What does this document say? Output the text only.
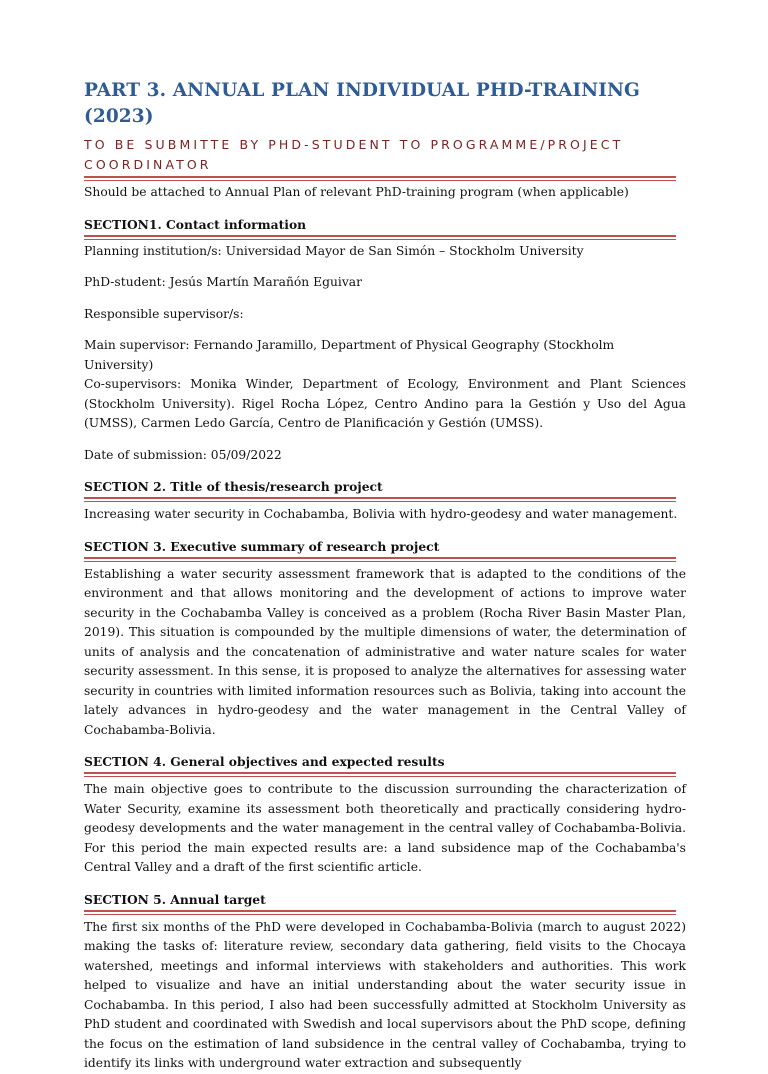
PART 3. ANNUAL PLAN INDIVIDUAL PHD-TRAINING (2023)
TO BE SUBMITTE BY PHD-STUDENT TO PROGRAMME/PROJECT COORDINATOR

Should be attached to Annual Plan of relevant PhD-training program (when applicable)

SECTION1. Contact information

Planning institution/s: Universidad Mayor de San Simón – Stockholm University

PhD-student: Jesús Martín Marañón Eguivar

Responsible supervisor/s:

Main supervisor: Fernando Jaramillo, Department of Physical Geography (Stockholm University)

Co-supervisors: Monika Winder, Department of Ecology, Environment and Plant Sciences (Stockholm University). Rigel Rocha López, Centro Andino para la Gestión y Uso del Agua (UMSS), Carmen Ledo García, Centro de Planificación y Gestión (UMSS).

Date of submission: 05/09/2022

SECTION 2. Title of thesis/research project

Increasing water security in Cochabamba, Bolivia with hydro-geodesy and water management.

SECTION 3. Executive summary of research project

Establishing a water security assessment framework that is adapted to the conditions of the environment and that allows monitoring and the development of actions to improve water security in the Cochabamba Valley is conceived as a problem (Rocha River Basin Master Plan, 2019). This situation is compounded by the multiple dimensions of water, the determination of units of analysis and the concatenation of administrative and water nature scales for water security assessment. In this sense, it is proposed to analyze the alternatives for assessing water security in countries with limited information resources such as Bolivia, taking into account the lately advances in hydro-geodesy and the water management in the Central Valley of Cochabamba-Bolivia.

SECTION 4. General objectives and expected results

The main objective goes to contribute to the discussion surrounding the characterization of Water Security, examine its assessment both theoretically and practically considering hydro-geodesy developments and the water management in the central valley of Cochabamba-Bolivia. For this period the main expected results are: a land subsidence map of the Cochabamba's Central Valley and a draft of the first scientific article.

SECTION 5. Annual target

The first six months of the PhD were developed in Cochabamba-Bolivia (march to august 2022) making the tasks of: literature review, secondary data gathering, field visits to the Chocaya watershed, meetings and informal interviews with stakeholders and authorities. This work helped to visualize and have an initial understanding about the water security issue in Cochabamba. In this period, I also had been successfully admitted at Stockholm University as PhD student and coordinated with Swedish and local supervisors about the PhD scope, defining the focus on the estimation of land subsidence in the central valley of Cochabamba, trying to identify its links with underground water extraction and subsequently
